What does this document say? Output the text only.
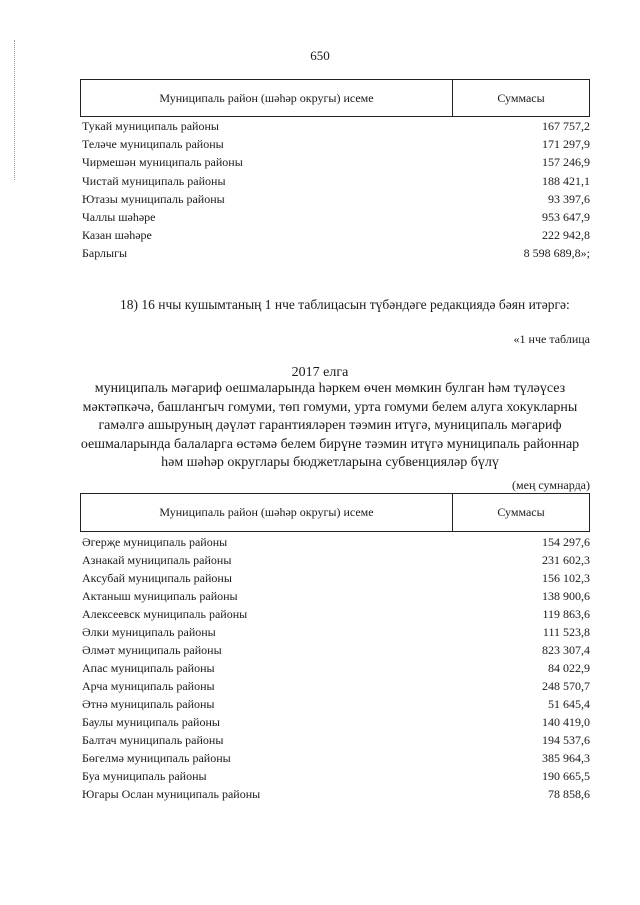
650
Муниципаль район (шәһәр округы) исеме	Суммасы
Тукай муниципаль районы	167 757,2
Теләче муниципаль районы	171 297,9
Чирмешән муниципаль районы	157 246,9
Чистай муниципаль районы	188 421,1
Ютазы муниципаль районы	93 397,6
Чаллы шәһәре	953 647,9
Казан шәһәре	222 942,8
Барлыгы	8 598 689,8»;
18) 16 нчы кушымтаның 1 нче таблицасын түбәндәге редакциядә бәян итәргә:
«1 нче таблица
2017 елга
муниципаль мәгариф оешмаларында һәркем өчен мөмкин булган һәм түләүсез
мәктәпкәчә, башлангыч гомуми, төп гомуми, урта гомуми белем алуга хокукларны
гамәлгә ашыруның дәүләт гарантияләрен тәэмин итүгә, муниципаль мәгариф
оешмаларында балаларга өстәмә белем бирүне тәэмин итүгә муниципаль районнар
һәм шәһәр округлары бюджетларына субвенцияләр бүлү
(мең сумнарда)
Муниципаль район (шәһәр округы) исеме	Суммасы
Әгерҗе муниципаль районы	154 297,6
Азнакай муниципаль районы	231 602,3
Аксубай муниципаль районы	156 102,3
Актаныш муниципаль районы	138 900,6
Алексеевск муниципаль районы	119 863,6
Әлки муниципаль районы	111 523,8
Әлмәт муниципаль районы	823 307,4
Апас муниципаль районы	84 022,9
Арча муниципаль районы	248 570,7
Әтнә муниципаль районы	51 645,4
Баулы муниципаль районы	140 419,0
Балтач муниципаль районы	194 537,6
Бөгелмә муниципаль районы	385 964,3
Буа муниципаль районы	190 665,5
Югары Ослан муниципаль районы	78 858,6
